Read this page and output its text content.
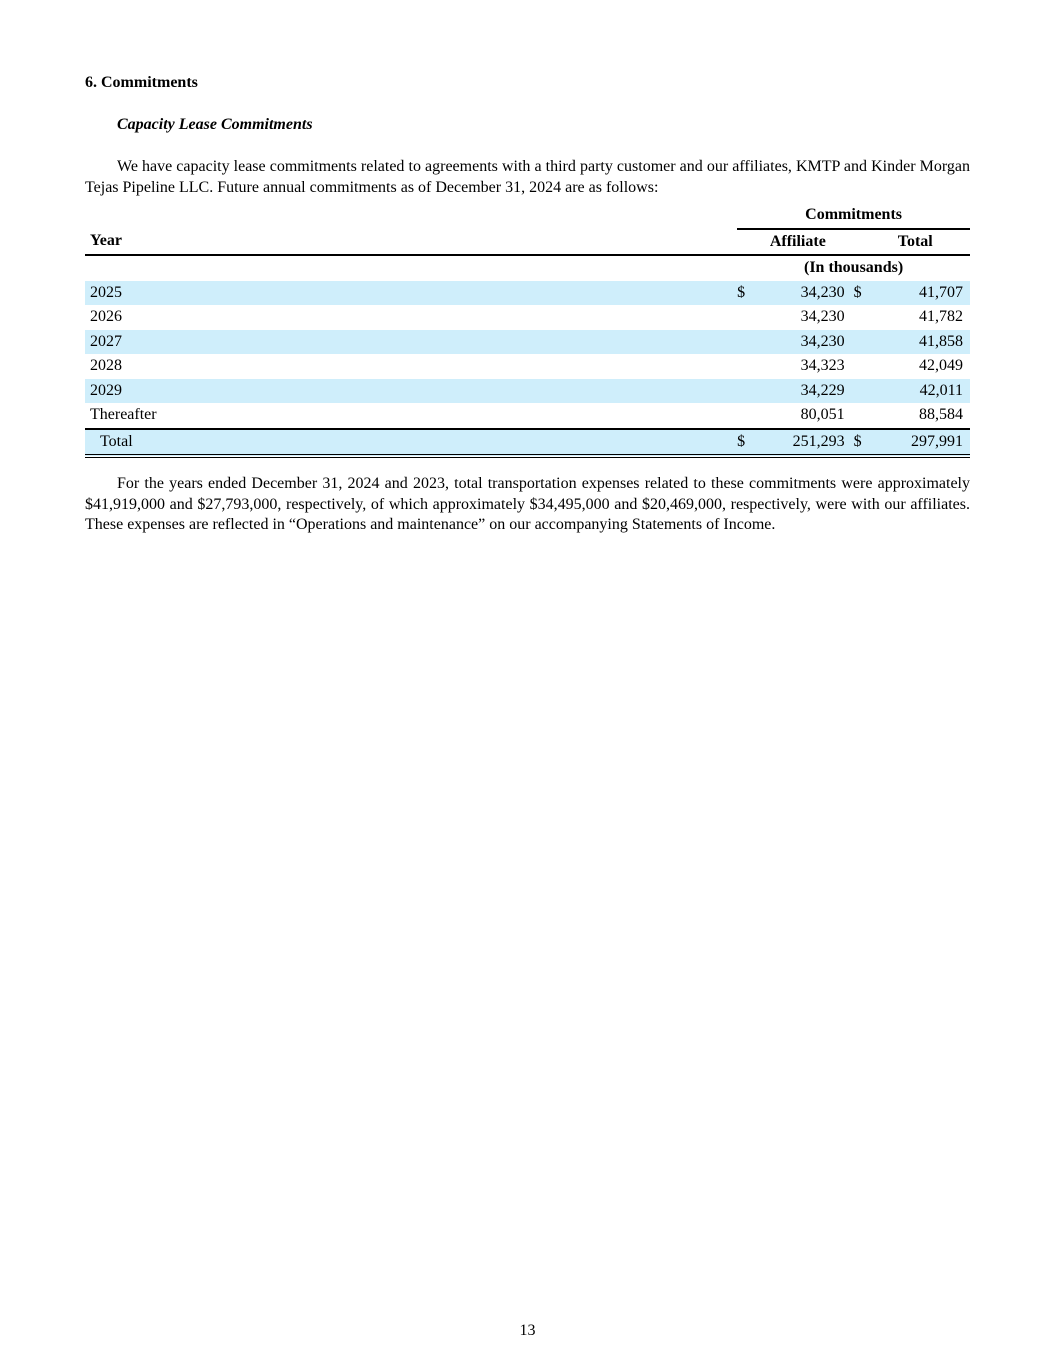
6. Commitments
Capacity Lease Commitments
We have capacity lease commitments related to agreements with a third party customer and our affiliates, KMTP and Kinder Morgan Tejas Pipeline LLC. Future annual commitments as of December 31, 2024 are as follows:
	Commitments			
Year		Affiliate		Total
	(In thousands)			
2025	$	34,230	$	41,707
2026		34,230		41,782
2027		34,230		41,858
2028		34,323		42,049
2029		34,229		42,011
Thereafter		80,051		88,584
Total	$	251,293	$	297,991
For the years ended December 31, 2024 and 2023, total transportation expenses related to these commitments were approximately $41,919,000 and $27,793,000, respectively, of which approximately $34,495,000 and $20,469,000, respectively, were with our affiliates. These expenses are reflected in “Operations and maintenance” on our accompanying Statements of Income.
13
